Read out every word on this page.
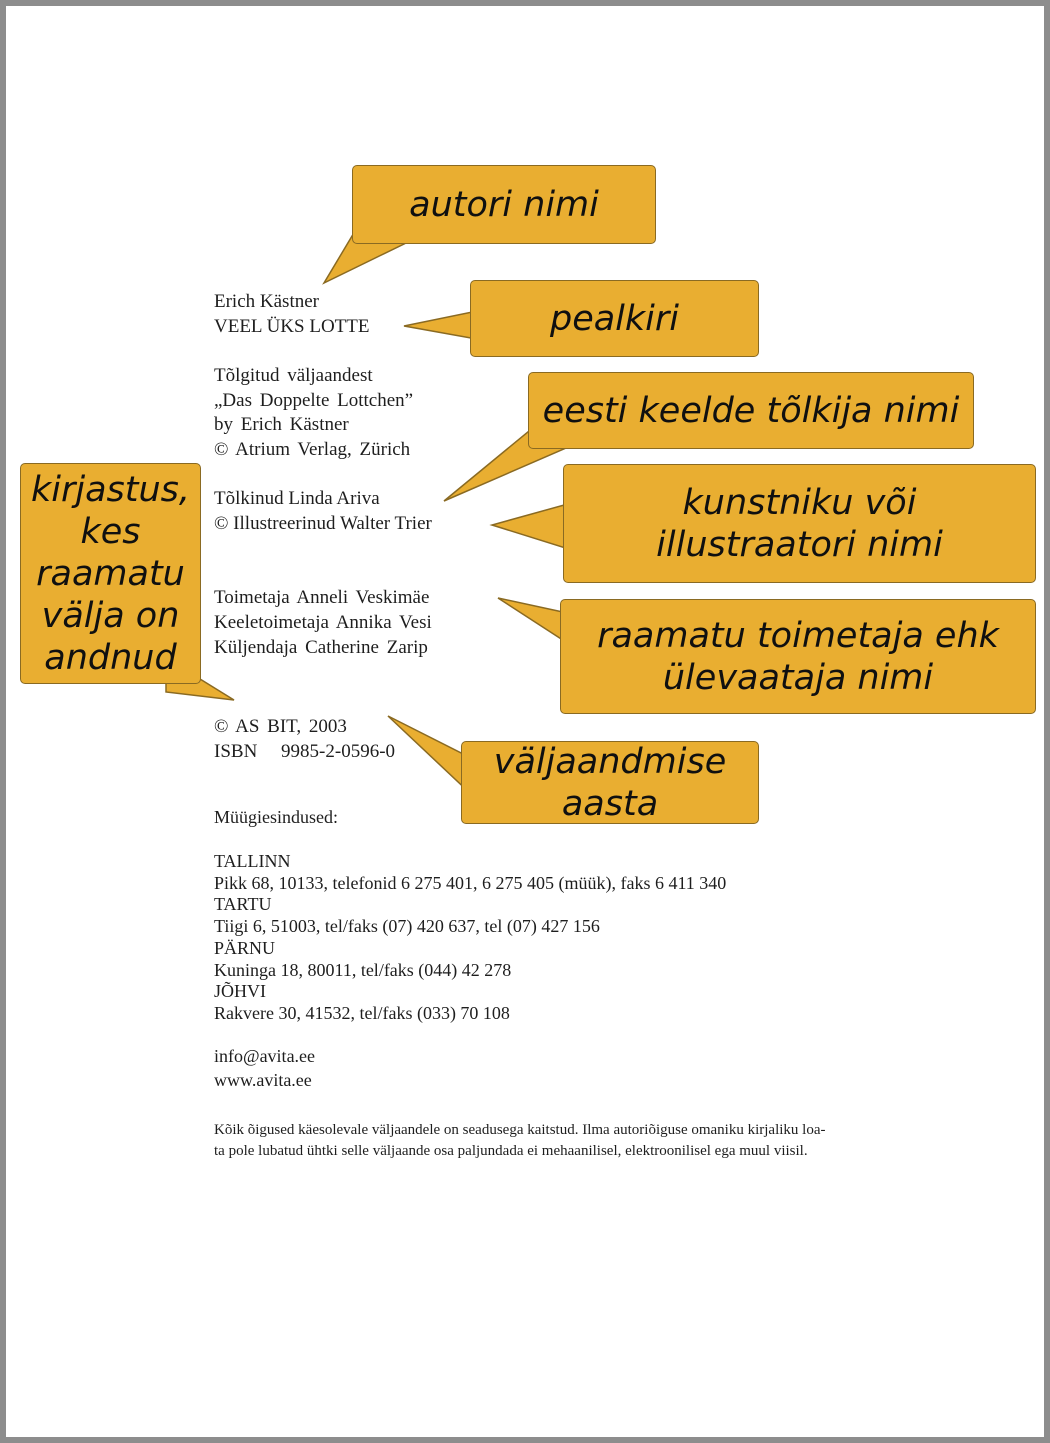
Erich Kästner

VEEL ÜKS LOTTE

Tõlgitud väljaandest

„Das Doppelte Lottchen”

by Erich Kästner

© Atrium Verlag, Zürich

Tõlkinud Linda Ariva

© Illustreerinud Walter Trier

Toimetaja Anneli Veskimäe

Keeletoimetaja Annika Vesi

Küljendaja Catherine Zarip

© AS BIT, 2003

ISBN     9985-2-0596-0

Müügiesindused:

TALLINN
Pikk 68, 10133, telefonid 6 275 401, 6 275 405 (müük), faks 6 411 340
TARTU
Tiigi 6, 51003, tel/faks (07) 420 637, tel (07) 427 156
PÄRNU
Kuninga 18, 80011, tel/faks (044) 42 278
JÕHVI
Rakvere 30, 41532, tel/faks (033) 70 108

info@avita.ee

www.avita.ee

Kõik õigused käesolevale väljaandele on seadusega kaitstud. Ilma autoriõiguse omaniku kirjaliku loa-
ta pole lubatud ühtki selle väljaande osa paljundada ei mehaanilisel, elektroonilisel ega muul viisil.
autori nimi
pealkiri
eesti keelde tõlkija nimi
kunstniku või
illustraatori nimi
raamatu toimetaja ehk
ülevaataja nimi
väljaandmise
aasta
kirjastus,
kes
raamatu
välja on
andnud
